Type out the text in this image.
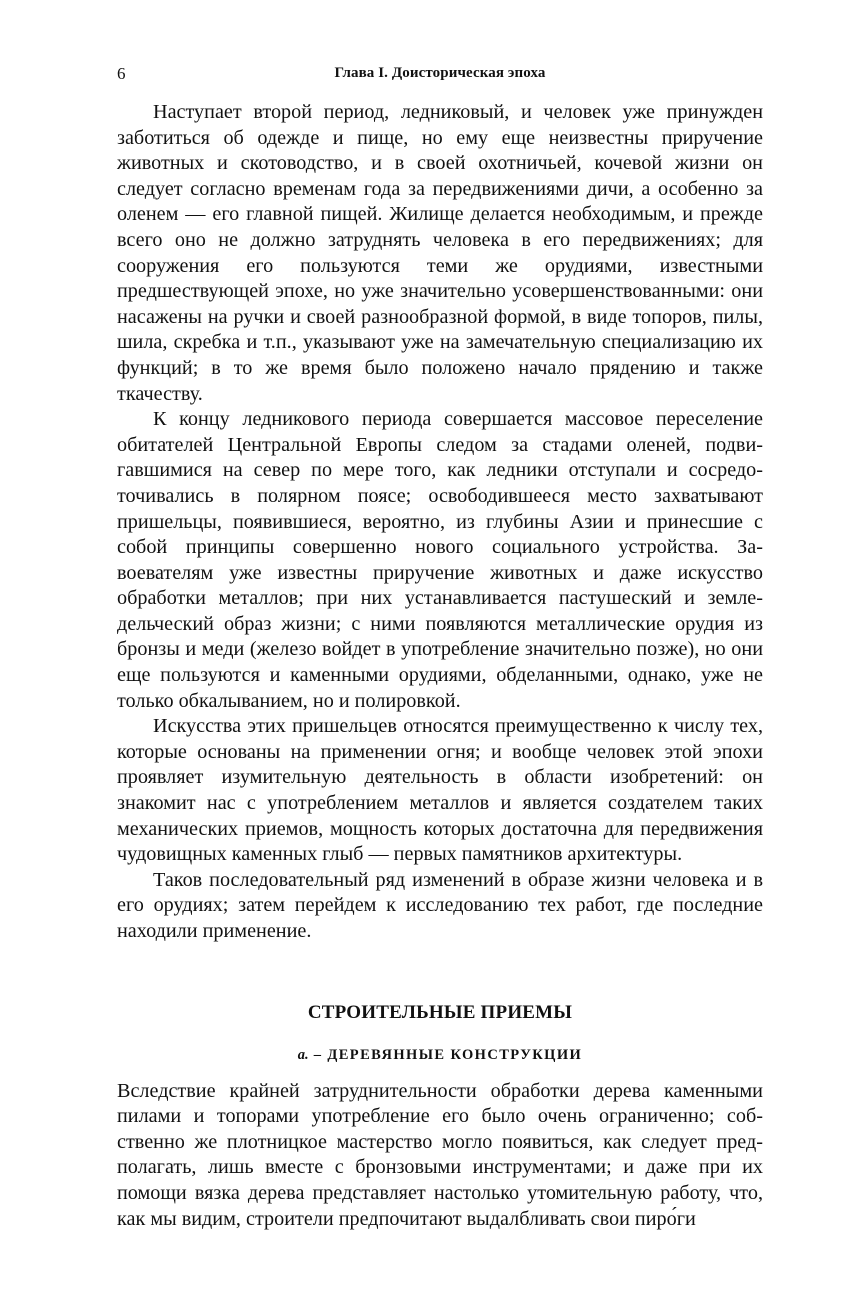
6	Глава I. Доисторическая эпоха

Наступает второй период, ледниковый, и человек уже принужден заботиться об одежде и пище, но ему еще неизвестны приручение животных и скотоводство, и в своей охотничьей, кочевой жизни он следует согласно временам года за передвижениями дичи, а особенно за оленем — его главной пищей. Жилище делается необходимым, и прежде всего оно не должно затруднять человека в его передвижениях; для сооружения его пользуются теми же орудиями, известными предшествующей эпохе, но уже значительно усовершенствованными: они насажены на ручки и своей разнообразной формой, в виде топоров, пилы, шила, скребка и т.п., указывают уже на замечательную специализацию их функций; в то же время было положено начало прядению и также ткачеству.

К концу ледникового периода совершается массовое переселение обитателей Центральной Европы следом за стадами оленей, подвигавшимися на север по мере того, как ледники отступали и сосредоточивались в полярном поясе; освободившееся место захватывают пришельцы, появившиеся, вероятно, из глубины Азии и принесшие с собой принципы совершенно нового социального устройства. Завоевателям уже известны приручение животных и даже искусство обработки металлов; при них устанавливается пастушеский и земледельческий образ жизни; с ними появляются металлические орудия из бронзы и меди (железо войдет в употребление значительно позже), но они еще пользуются и каменными орудиями, обделанными, однако, уже не только обкалыванием, но и полировкой.

Искусства этих пришельцев относятся преимущественно к числу тех, которые основаны на применении огня; и вообще человек этой эпохи проявляет изумительную деятельность в области изобретений: он знакомит нас с употреблением металлов и является создателем таких механических приемов, мощность которых достаточна для передвижения чудовищных каменных глыб — первых памятников архитектуры.

Таков последовательный ряд изменений в образе жизни человека и в его орудиях; затем перейдем к исследованию тех работ, где последние находили применение.

СТРОИТЕЛЬНЫЕ ПРИЕМЫ
a. – ДЕРЕВЯННЫЕ КОНСТРУКЦИИ

Вследствие крайней затруднительности обработки дерева каменными пилами и топорами употребление его было очень ограниченно; собственно же плотницкое мастерство могло появиться, как следует предполагать, лишь вместе с бронзовыми инструментами; и даже при их помощи вязка дерева представляет настолько утомительную работу, что, как мы видим, строители предпочитают выдалбливать свои пиро́ги
